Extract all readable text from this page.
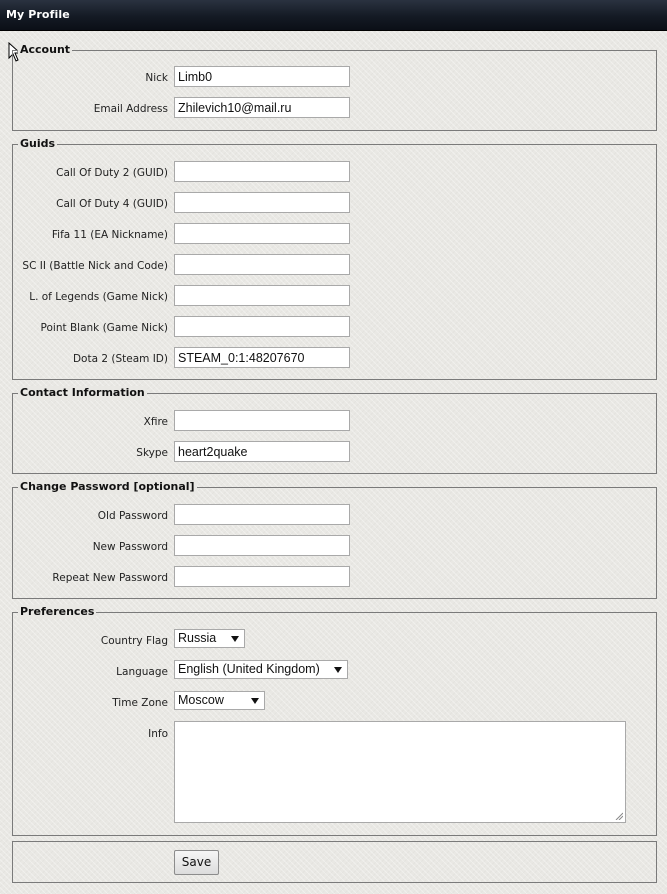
My Profile
Account
Nick
Limb0
Email Address
Zhilevich10@mail.ru
Guids
Call Of Duty 2 (GUID)
Call Of Duty 4 (GUID)
Fifa 11 (EA Nickname)
SC II (Battle Nick and Code)
L. of Legends (Game Nick)
Point Blank (Game Nick)
Dota 2 (Steam ID)
STEAM_0:1:48207670
Contact Information
Xfire
Skype
heart2quake
Change Password [optional]
Old Password
New Password
Repeat New Password
Preferences
Country Flag Russia
Language English (United Kingdom)
Time Zone Moscow
Info
Save
